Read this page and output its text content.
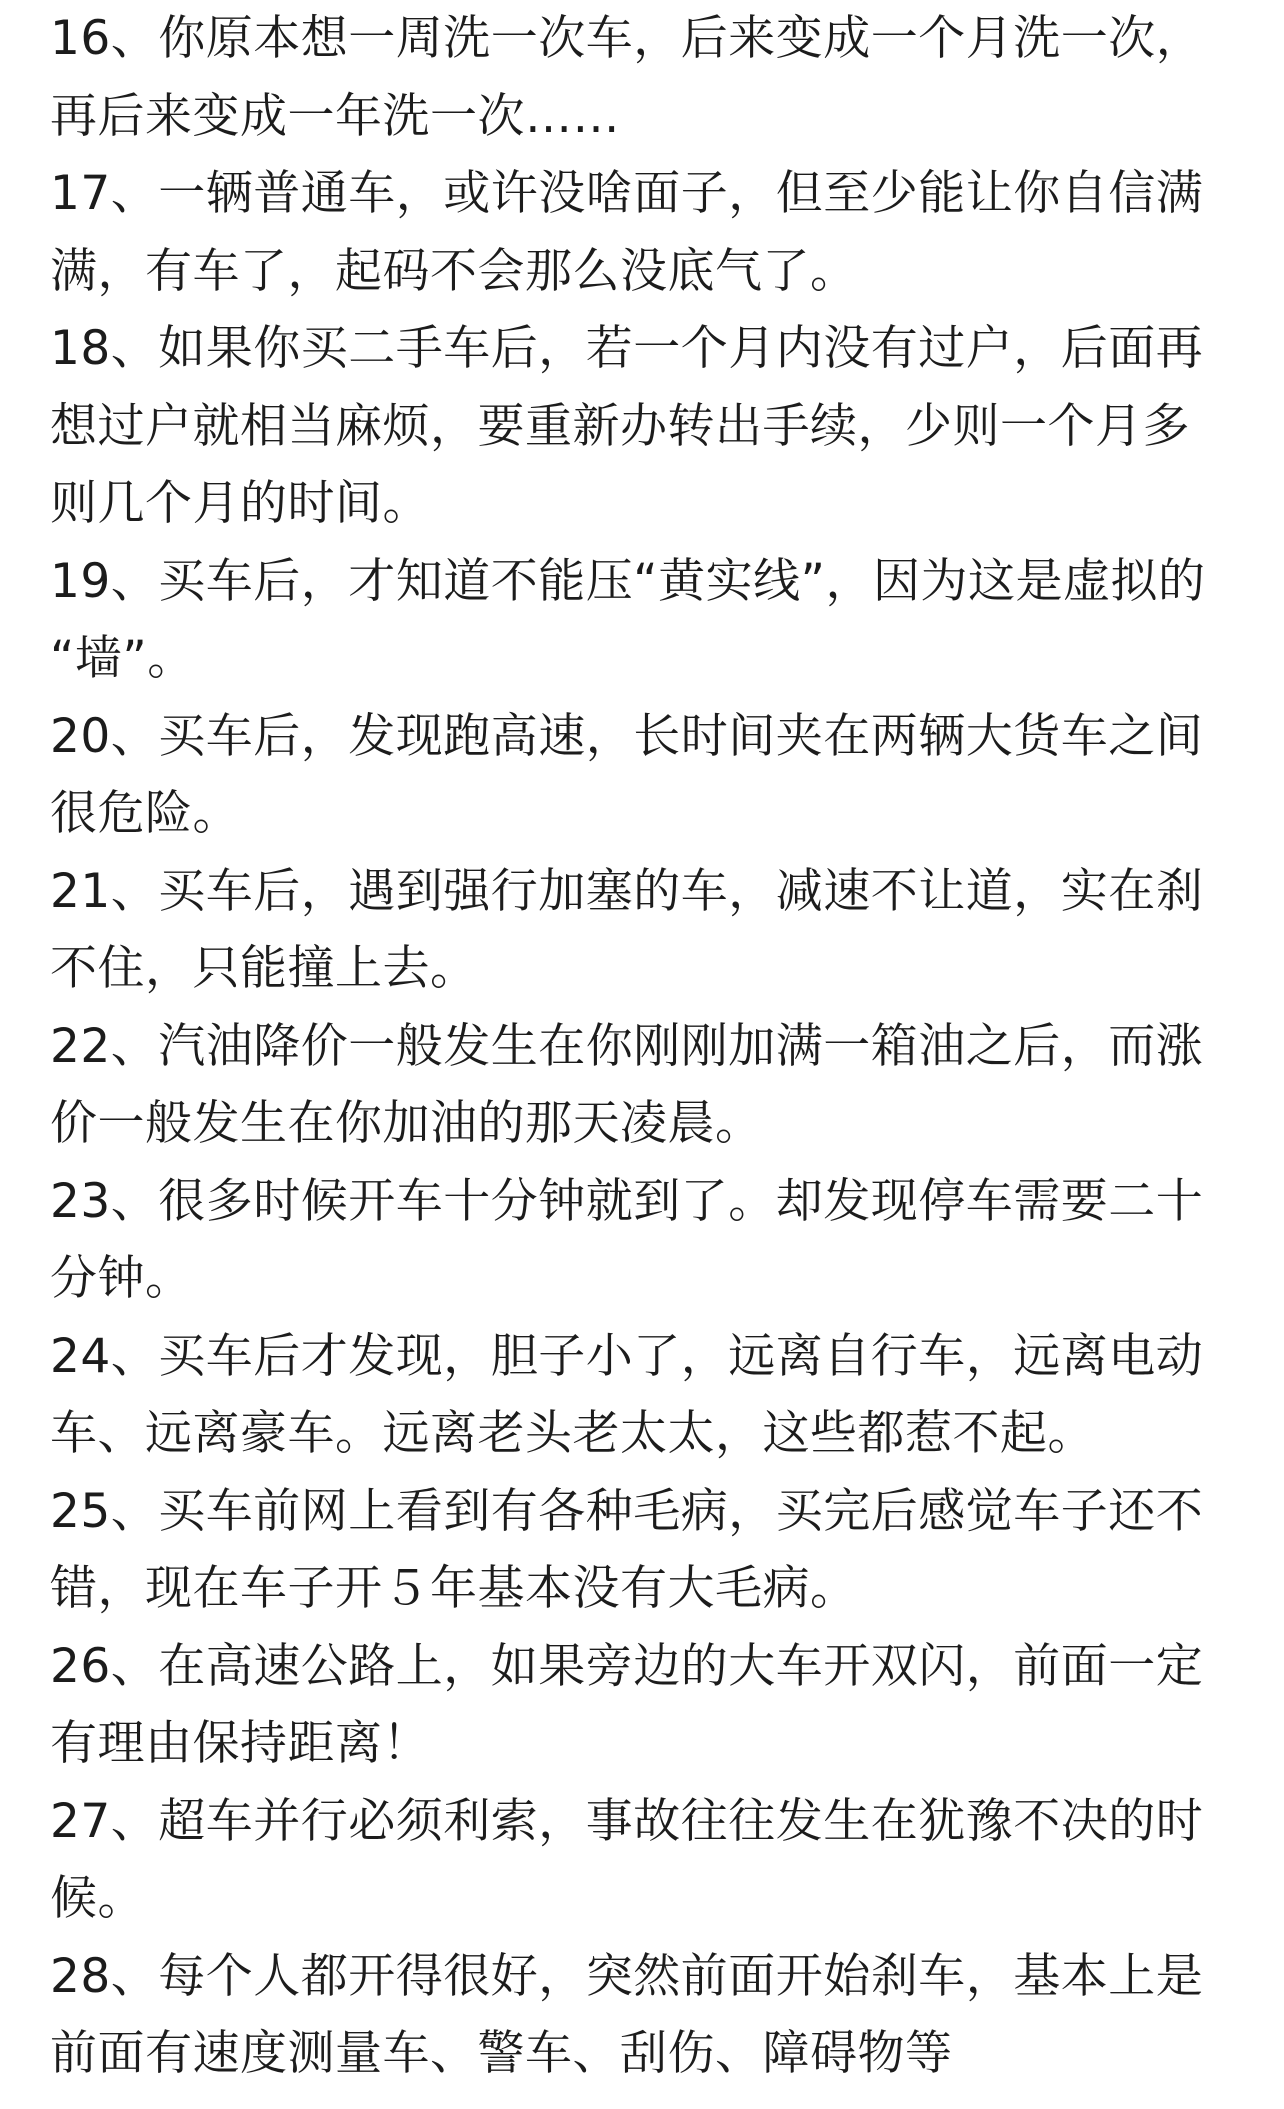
16、你原本想一周洗一次车，后来变成一个月洗一次，
再后来变成一年洗一次……
17、一辆普通车，或许没啥面子，但至少能让你自信满
满，有车了，起码不会那么没底气了。
18、如果你买二手车后，若一个月内没有过户，后面再
想过户就相当麻烦，要重新办转出手续，少则一个月多
则几个月的时间。
19、买车后，才知道不能压“黄实线”，因为这是虚拟的
“墙”。
20、买车后，发现跑高速，长时间夹在两辆大货车之间
很危险。
21、买车后，遇到强行加塞的车，减速不让道，实在刹
不住，只能撞上去。
22、汽油降价一般发生在你刚刚加满一箱油之后，而涨
价一般发生在你加油的那天凌晨。
23、很多时候开车十分钟就到了。却发现停车需要二十
分钟。
24、买车后才发现，胆子小了，远离自行车，远离电动
车、远离豪车。远离老头老太太，这些都惹不起。
25、买车前网上看到有各种毛病，买完后感觉车子还不
错，现在车子开５年基本没有大毛病。
26、在高速公路上，如果旁边的大车开双闪，前面一定
有理由保持距离！
27、超车并行必须利索，事故往往发生在犹豫不决的时
候。
28、每个人都开得很好，突然前面开始刹车，基本上是
前面有速度测量车、警车、刮伤、障碍物等
